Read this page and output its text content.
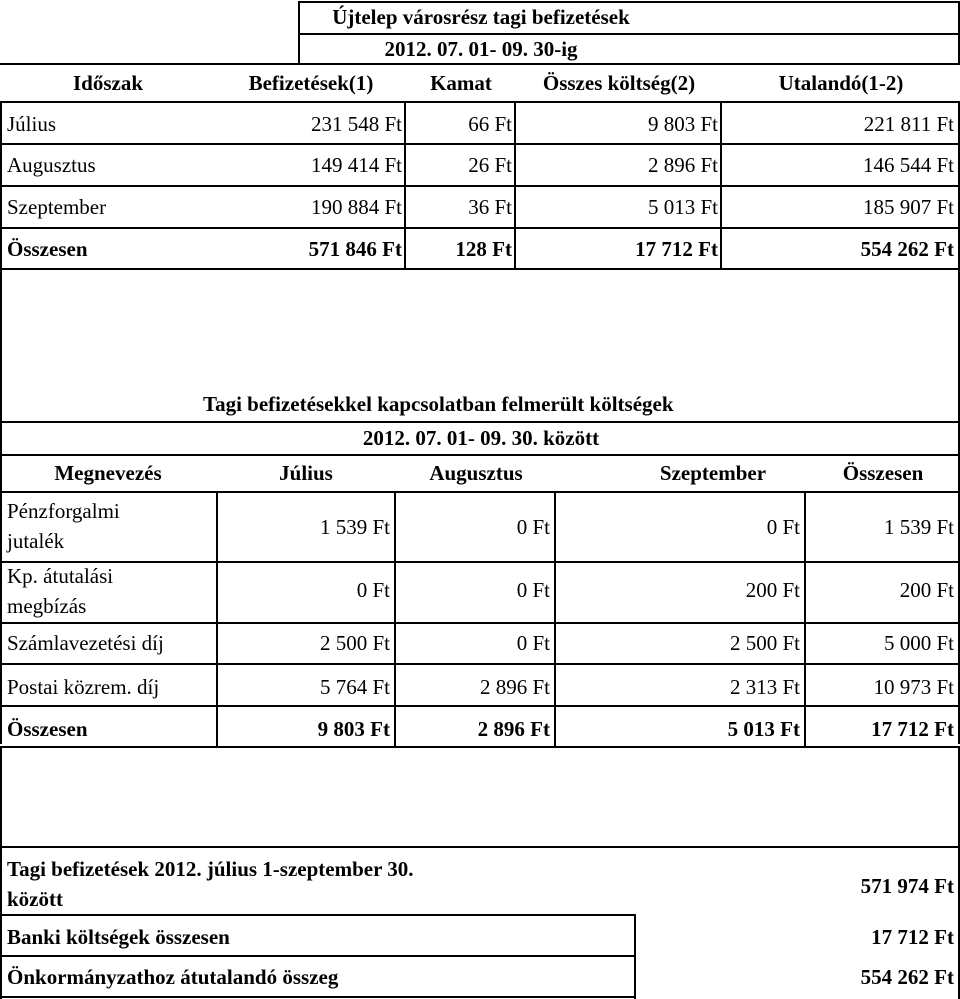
Újtelep városrész tagi befizetések
2012. 07. 01- 09. 30-ig
Időszak	Befizetések(1)	Kamat	Összes költség(2)	Utalandó(1-2)
Július	231 548 Ft	66 Ft	9 803 Ft	221 811 Ft
Augusztus	149 414 Ft	26 Ft	2 896 Ft	146 544 Ft
Szeptember	190 884 Ft	36 Ft	5 013 Ft	185 907 Ft
Összesen	571 846 Ft	128 Ft	17 712 Ft	554 262 Ft
Tagi befizetésekkel kapcsolatban felmerült költségek
2012. 07. 01- 09. 30. között
Megnevezés	Július	Augusztus	Szeptember	Összesen
Pénzforgalmi
jutalék
1 539 Ft	0 Ft	0 Ft	1 539 Ft
Kp. átutalási
megbízás
0 Ft	0 Ft	200 Ft	200 Ft
Számlavezetési díj	2 500 Ft	0 Ft	2 500 Ft	5 000 Ft
Postai közrem. díj	5 764 Ft	2 896 Ft	2 313 Ft	10 973 Ft
Összesen	9 803 Ft	2 896 Ft	5 013 Ft	17 712 Ft
Tagi befizetések 2012. július 1-szeptember 30.
között
571 974 Ft
Banki költségek összesen	17 712 Ft
Önkormányzathoz átutalandó összeg	554 262 Ft
